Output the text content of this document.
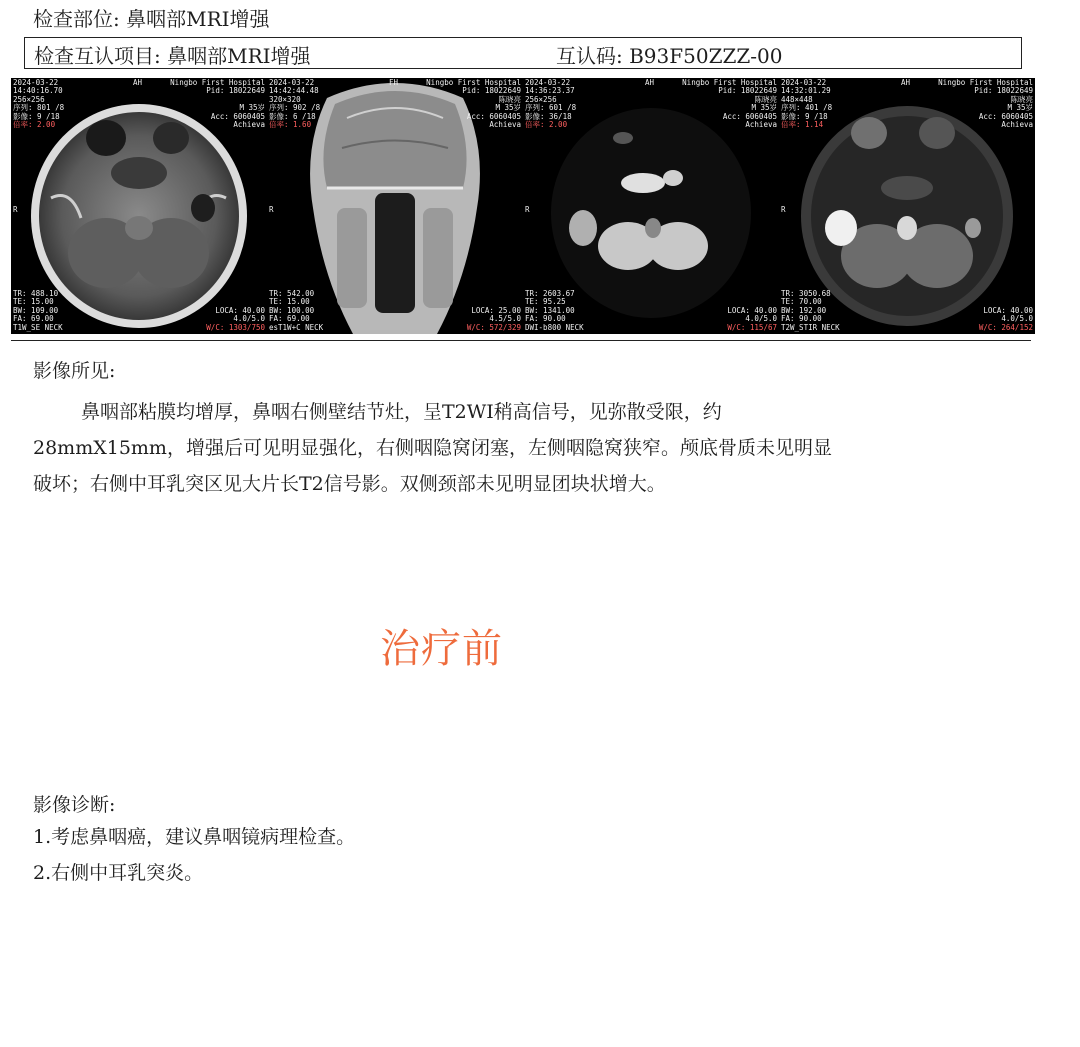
检查部位: 鼻咽部MRI增强
检查互认项目: 鼻咽部MRI增强	互认码: B93F50ZZZ-00
2024-03-22
14:40:16.70
256×256
序列: 801 /8
影像: 9 /18
倍率: 2.00
AH	Ningbo First Hospital
Pid: 18022649

M 35岁
Acc: 6060405
Achieva
R
TR: 488.10
TE: 15.00
BW: 109.00
FA: 69.00
T1W_SE NECK
LOCA: 40.00
4.0/5.0
W/C: 1303/750
2024-03-22
14:42:44.48
320×320
序列: 902 /8
影像: 6 /18
倍率: 1.60
FH	Ningbo First Hospital
Pid: 18022649
陈晓亮
M 35岁
Acc: 6060405
Achieva
R
TR: 542.00
TE: 15.00
BW: 100.00
FA: 69.00
esT1W+C NECK
LOCA: 25.00
4.5/5.0
W/C: 572/329
2024-03-22
14:36:23.37
256×256
序列: 601 /8
影像: 36/18
倍率: 2.00
AH	Ningbo First Hospital
Pid: 18022649
陈晓亮
M 35岁
Acc: 6060405
Achieva
R
TR: 2603.67
TE: 95.25
BW: 1341.00
FA: 90.00
DWI-b800 NECK
LOCA: 40.00
4.0/5.0
W/C: 115/67
2024-03-22
14:32:01.29
448×448
序列: 401 /8
影像: 9 /18
倍率: 1.14
AH	Ningbo First Hospital
Pid: 18022649
陈晓亮
M 35岁
Acc: 6060405
Achieva
R
TR: 3050.68
TE: 70.00
BW: 192.00
FA: 90.00
T2W_STIR NECK
LOCA: 40.00
4.0/5.0
W/C: 264/152
影像所见:

鼻咽部粘膜均增厚，鼻咽右侧壁结节灶，呈T2WI稍高信号，见弥散受限，约

28mmX15mm，增强后可见明显强化，右侧咽隐窝闭塞，左侧咽隐窝狭窄。颅底骨质未见明显

破坏；右侧中耳乳突区见大片长T2信号影。双侧颈部未见明显团块状增大。

治疗前
影像诊断:
1.考虑鼻咽癌，建议鼻咽镜病理检查。
2.右侧中耳乳突炎。
